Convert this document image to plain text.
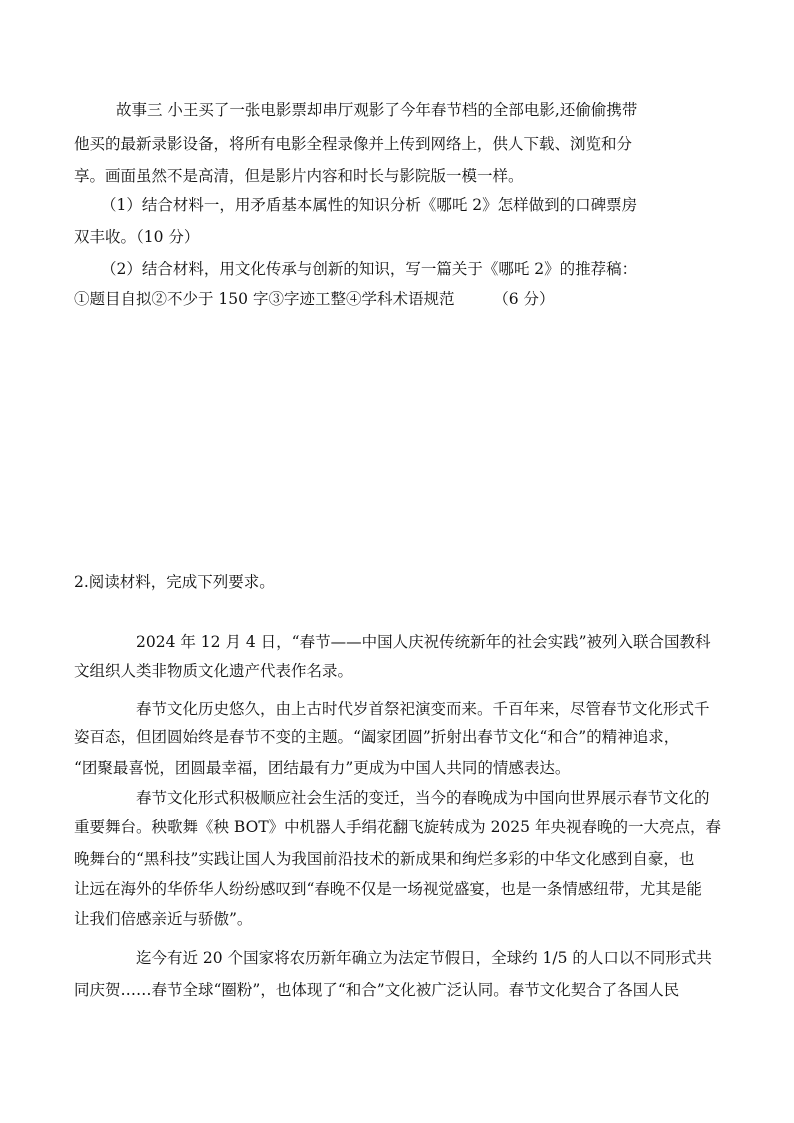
故事三 小王买了一张电影票却串厅观影了今年春节档的全部电影,还偷偷携带
他买的最新录影设备，将所有电影全程录像并上传到网络上，供人下载、浏览和分
享。画面虽然不是高清，但是影片内容和时长与影院版一模一样。
（1）结合材料一，用矛盾基本属性的知识分析《哪吒 2》怎样做到的口碑票房
双丰收。（10 分）
（2）结合材料，用文化传承与创新的知识，写一篇关于《哪吒 2》的推荐稿：
①题目自拟②不少于 150 字③字迹工整④学科术语规范　　　（6 分）
2.阅读材料，完成下列要求。
2024 年 12 月 4 日，“春节——中国人庆祝传统新年的社会实践”被列入联合国教科
文组织人类非物质文化遗产代表作名录。
春节文化历史悠久，由上古时代岁首祭祀演变而来。千百年来，尽管春节文化形式千
姿百态，但团圆始终是春节不变的主题。“阖家团圆”折射出春节文化“和合”的精神追求，
“团聚最喜悦，团圆最幸福，团结最有力”更成为中国人共同的情感表达。
春节文化形式积极顺应社会生活的变迁，当今的春晚成为中国向世界展示春节文化的
重要舞台。秧歌舞《秧 BOT》中机器人手绢花翻飞旋转成为 2025 年央视春晚的一大亮点，春
晚舞台的“黑科技”实践让国人为我国前沿技术的新成果和绚烂多彩的中华文化感到自豪，也
让远在海外的华侨华人纷纷感叹到“春晚不仅是一场视觉盛宴，也是一条情感纽带，尤其是能
让我们倍感亲近与骄傲”。
迄今有近 20 个国家将农历新年确立为法定节假日，全球约 1/5 的人口以不同形式共
同庆贺……春节全球“圈粉”，也体现了“和合”文化被广泛认同。春节文化契合了各国人民
